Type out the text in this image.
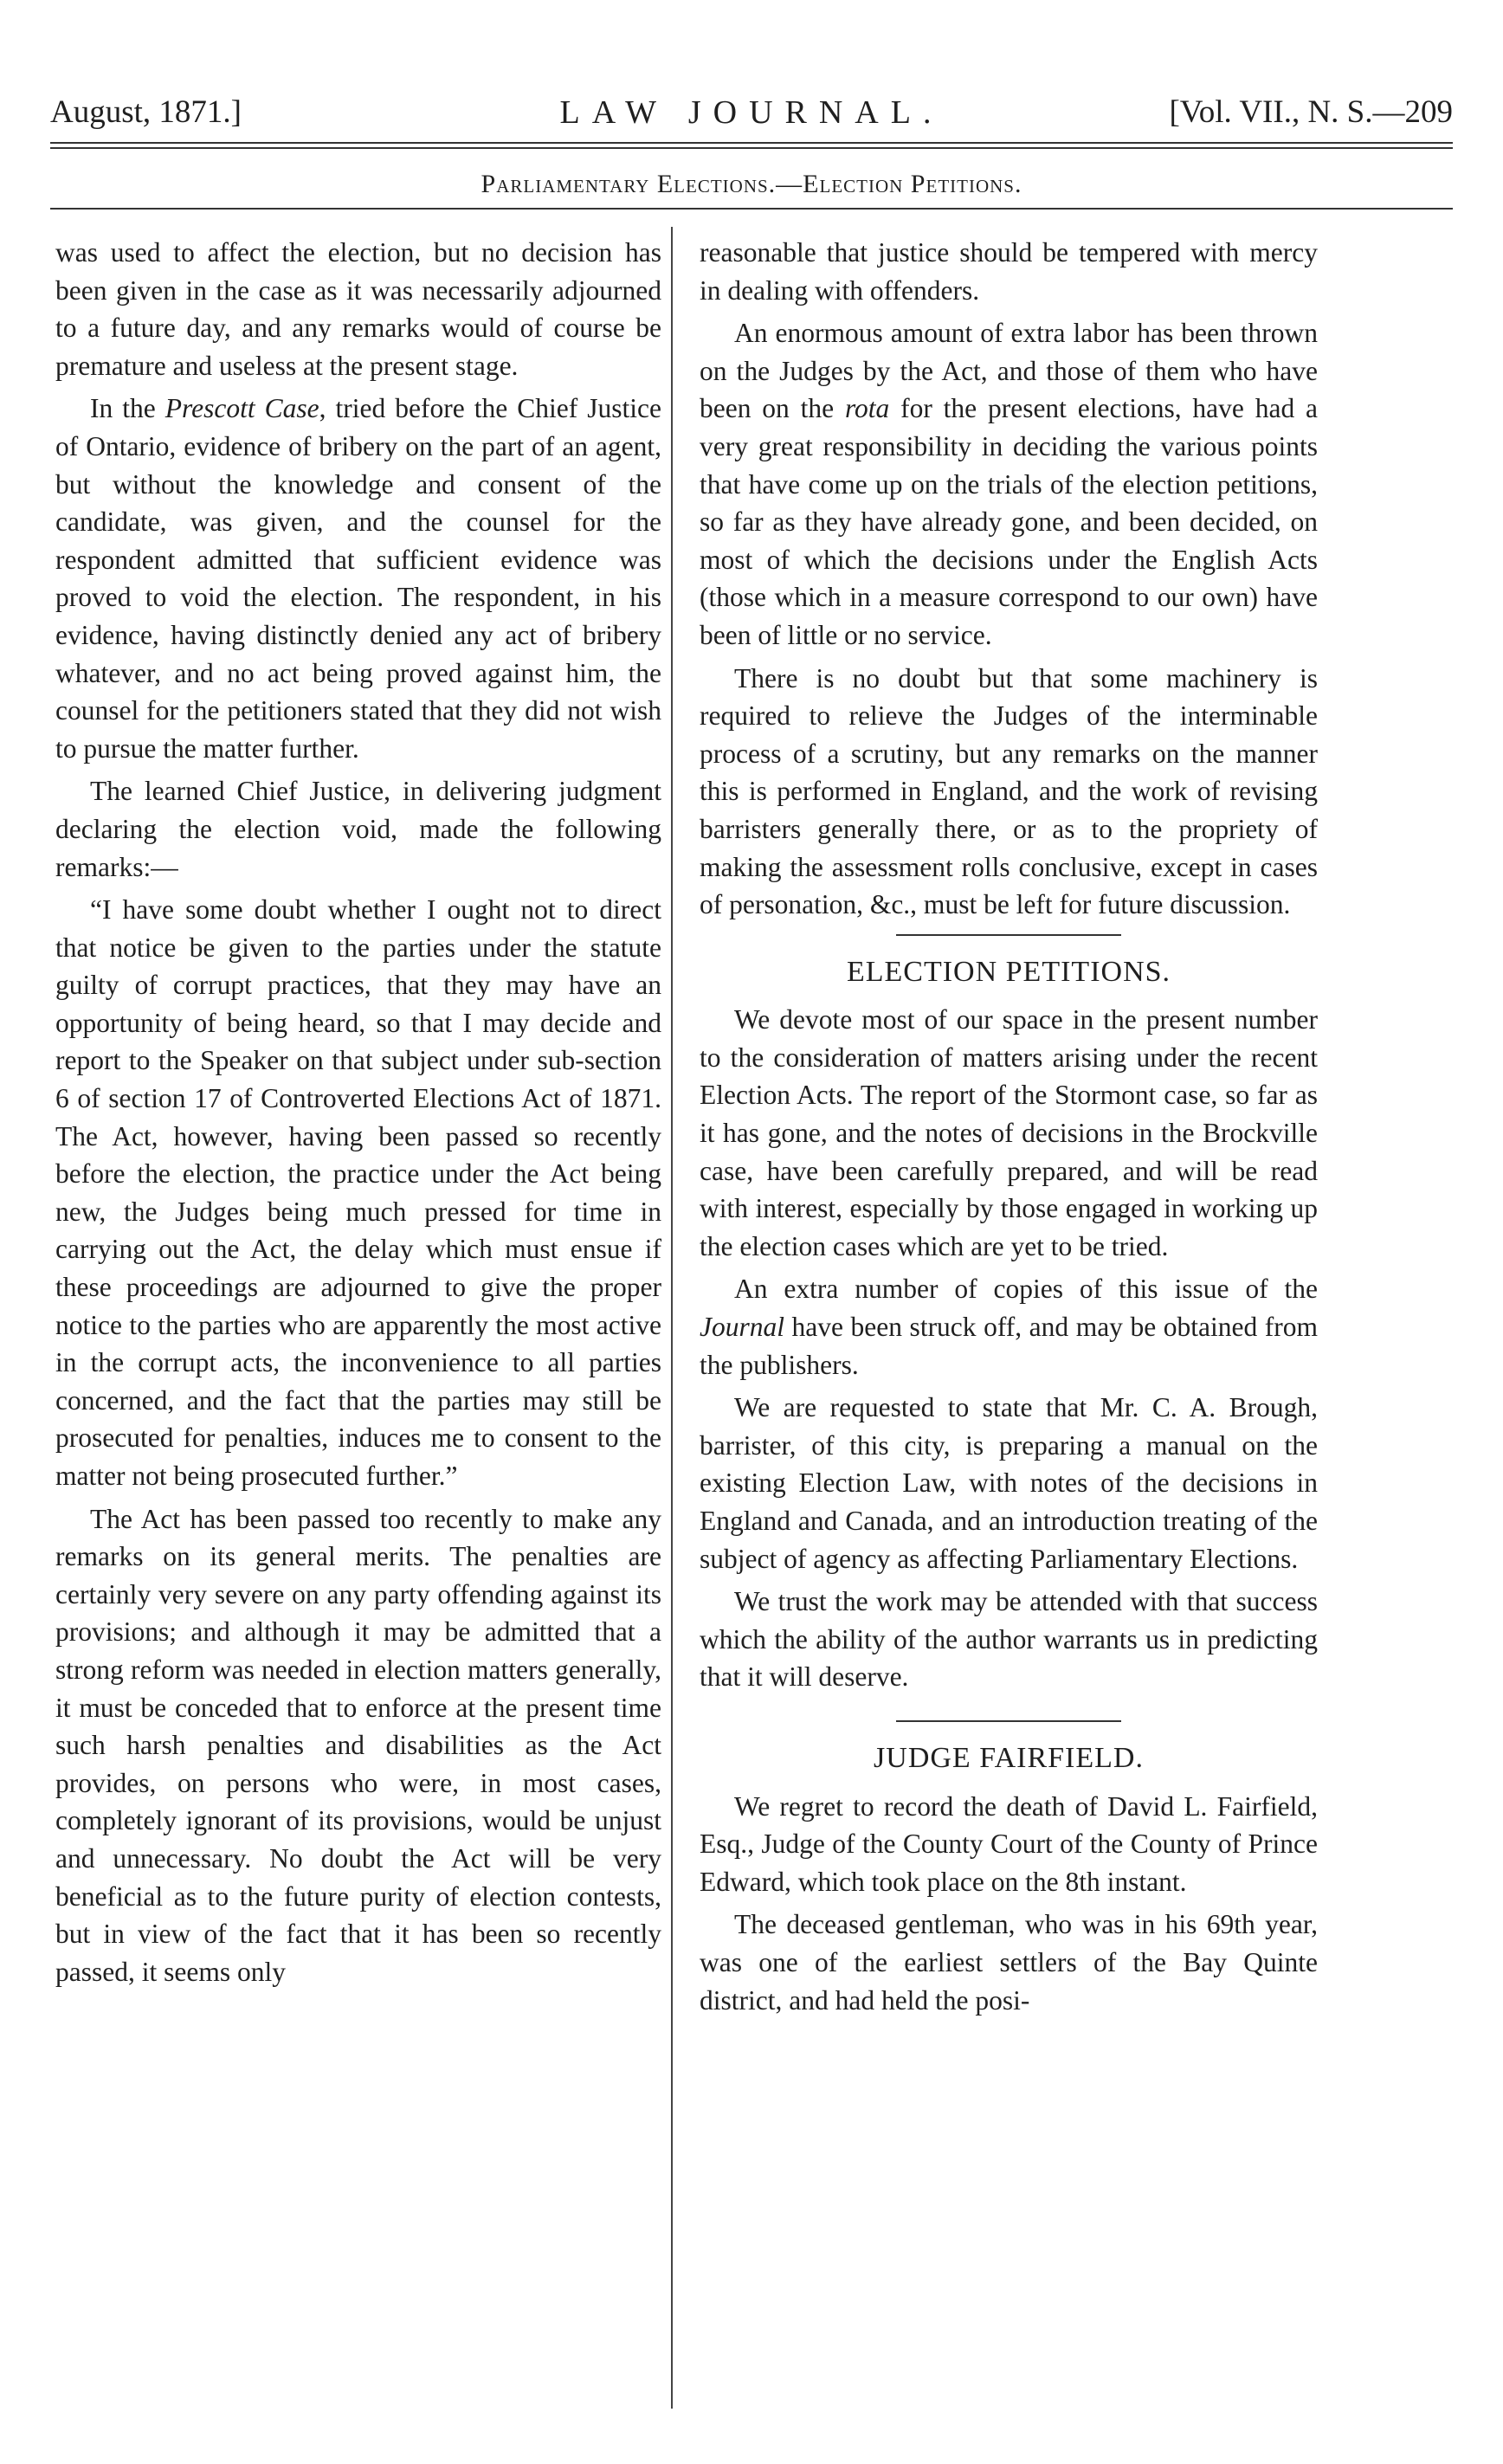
August, 1871.]	LAW JOURNAL.	[Vol. VII., N. S.—209
Parliamentary Elections.—Election Petitions.

was used to affect the election, but no decision has been given in the case as it was necessarily adjourned to a future day, and any remarks would of course be premature and useless at the present stage.

In the Prescott Case, tried before the Chief Justice of Ontario, evidence of bribery on the part of an agent, but without the knowledge and consent of the candidate, was given, and the counsel for the respondent admitted that sufficient evidence was proved to void the election. The respondent, in his evidence, having distinctly denied any act of bribery whatever, and no act being proved against him, the counsel for the petitioners stated that they did not wish to pursue the matter further.

The learned Chief Justice, in delivering judgment declaring the election void, made the following remarks:—

“I have some doubt whether I ought not to direct that notice be given to the parties under the statute guilty of corrupt practices, that they may have an opportunity of being heard, so that I may decide and report to the Speaker on that subject under sub-section 6 of section 17 of Controverted Elections Act of 1871. The Act, however, having been passed so recently before the election, the practice under the Act being new, the Judges being much pressed for time in carrying out the Act, the delay which must ensue if these proceedings are adjourned to give the proper notice to the parties who are apparently the most active in the corrupt acts, the inconvenience to all parties concerned, and the fact that the parties may still be prosecuted for penalties, induces me to consent to the matter not being prosecuted further.”

The Act has been passed too recently to make any remarks on its general merits. The penalties are certainly very severe on any party offending against its provisions; and although it may be admitted that a strong reform was needed in election matters generally, it must be conceded that to enforce at the present time such harsh penalties and disabilities as the Act provides, on persons who were, in most cases, completely ignorant of its provisions, would be unjust and unnecessary. No doubt the Act will be very beneficial as to the future purity of election contests, but in view of the fact that it has been so recently passed, it seems only

reasonable that justice should be tempered with mercy in dealing with offenders.

An enormous amount of extra labor has been thrown on the Judges by the Act, and those of them who have been on the rota for the present elections, have had a very great responsibility in deciding the various points that have come up on the trials of the election petitions, so far as they have already gone, and been decided, on most of which the decisions under the English Acts (those which in a measure correspond to our own) have been of little or no service.

There is no doubt but that some machinery is required to relieve the Judges of the interminable process of a scrutiny, but any remarks on the manner this is performed in England, and the work of revising barristers generally there, or as to the propriety of making the assessment rolls conclusive, except in cases of personation, &c., must be left for future discussion.

ELECTION PETITIONS.

We devote most of our space in the present number to the consideration of matters arising under the recent Election Acts. The report of the Stormont case, so far as it has gone, and the notes of decisions in the Brockville case, have been carefully prepared, and will be read with interest, especially by those engaged in working up the election cases which are yet to be tried.

An extra number of copies of this issue of the Journal have been struck off, and may be obtained from the publishers.

We are requested to state that Mr. C. A. Brough, barrister, of this city, is preparing a manual on the existing Election Law, with notes of the decisions in England and Canada, and an introduction treating of the subject of agency as affecting Parliamentary Elections.

We trust the work may be attended with that success which the ability of the author warrants us in predicting that it will deserve.

JUDGE FAIRFIELD.

We regret to record the death of David L. Fairfield, Esq., Judge of the County Court of the County of Prince Edward, which took place on the 8th instant.

The deceased gentleman, who was in his 69th year, was one of the earliest settlers of the Bay Quinte district, and had held the posi-
